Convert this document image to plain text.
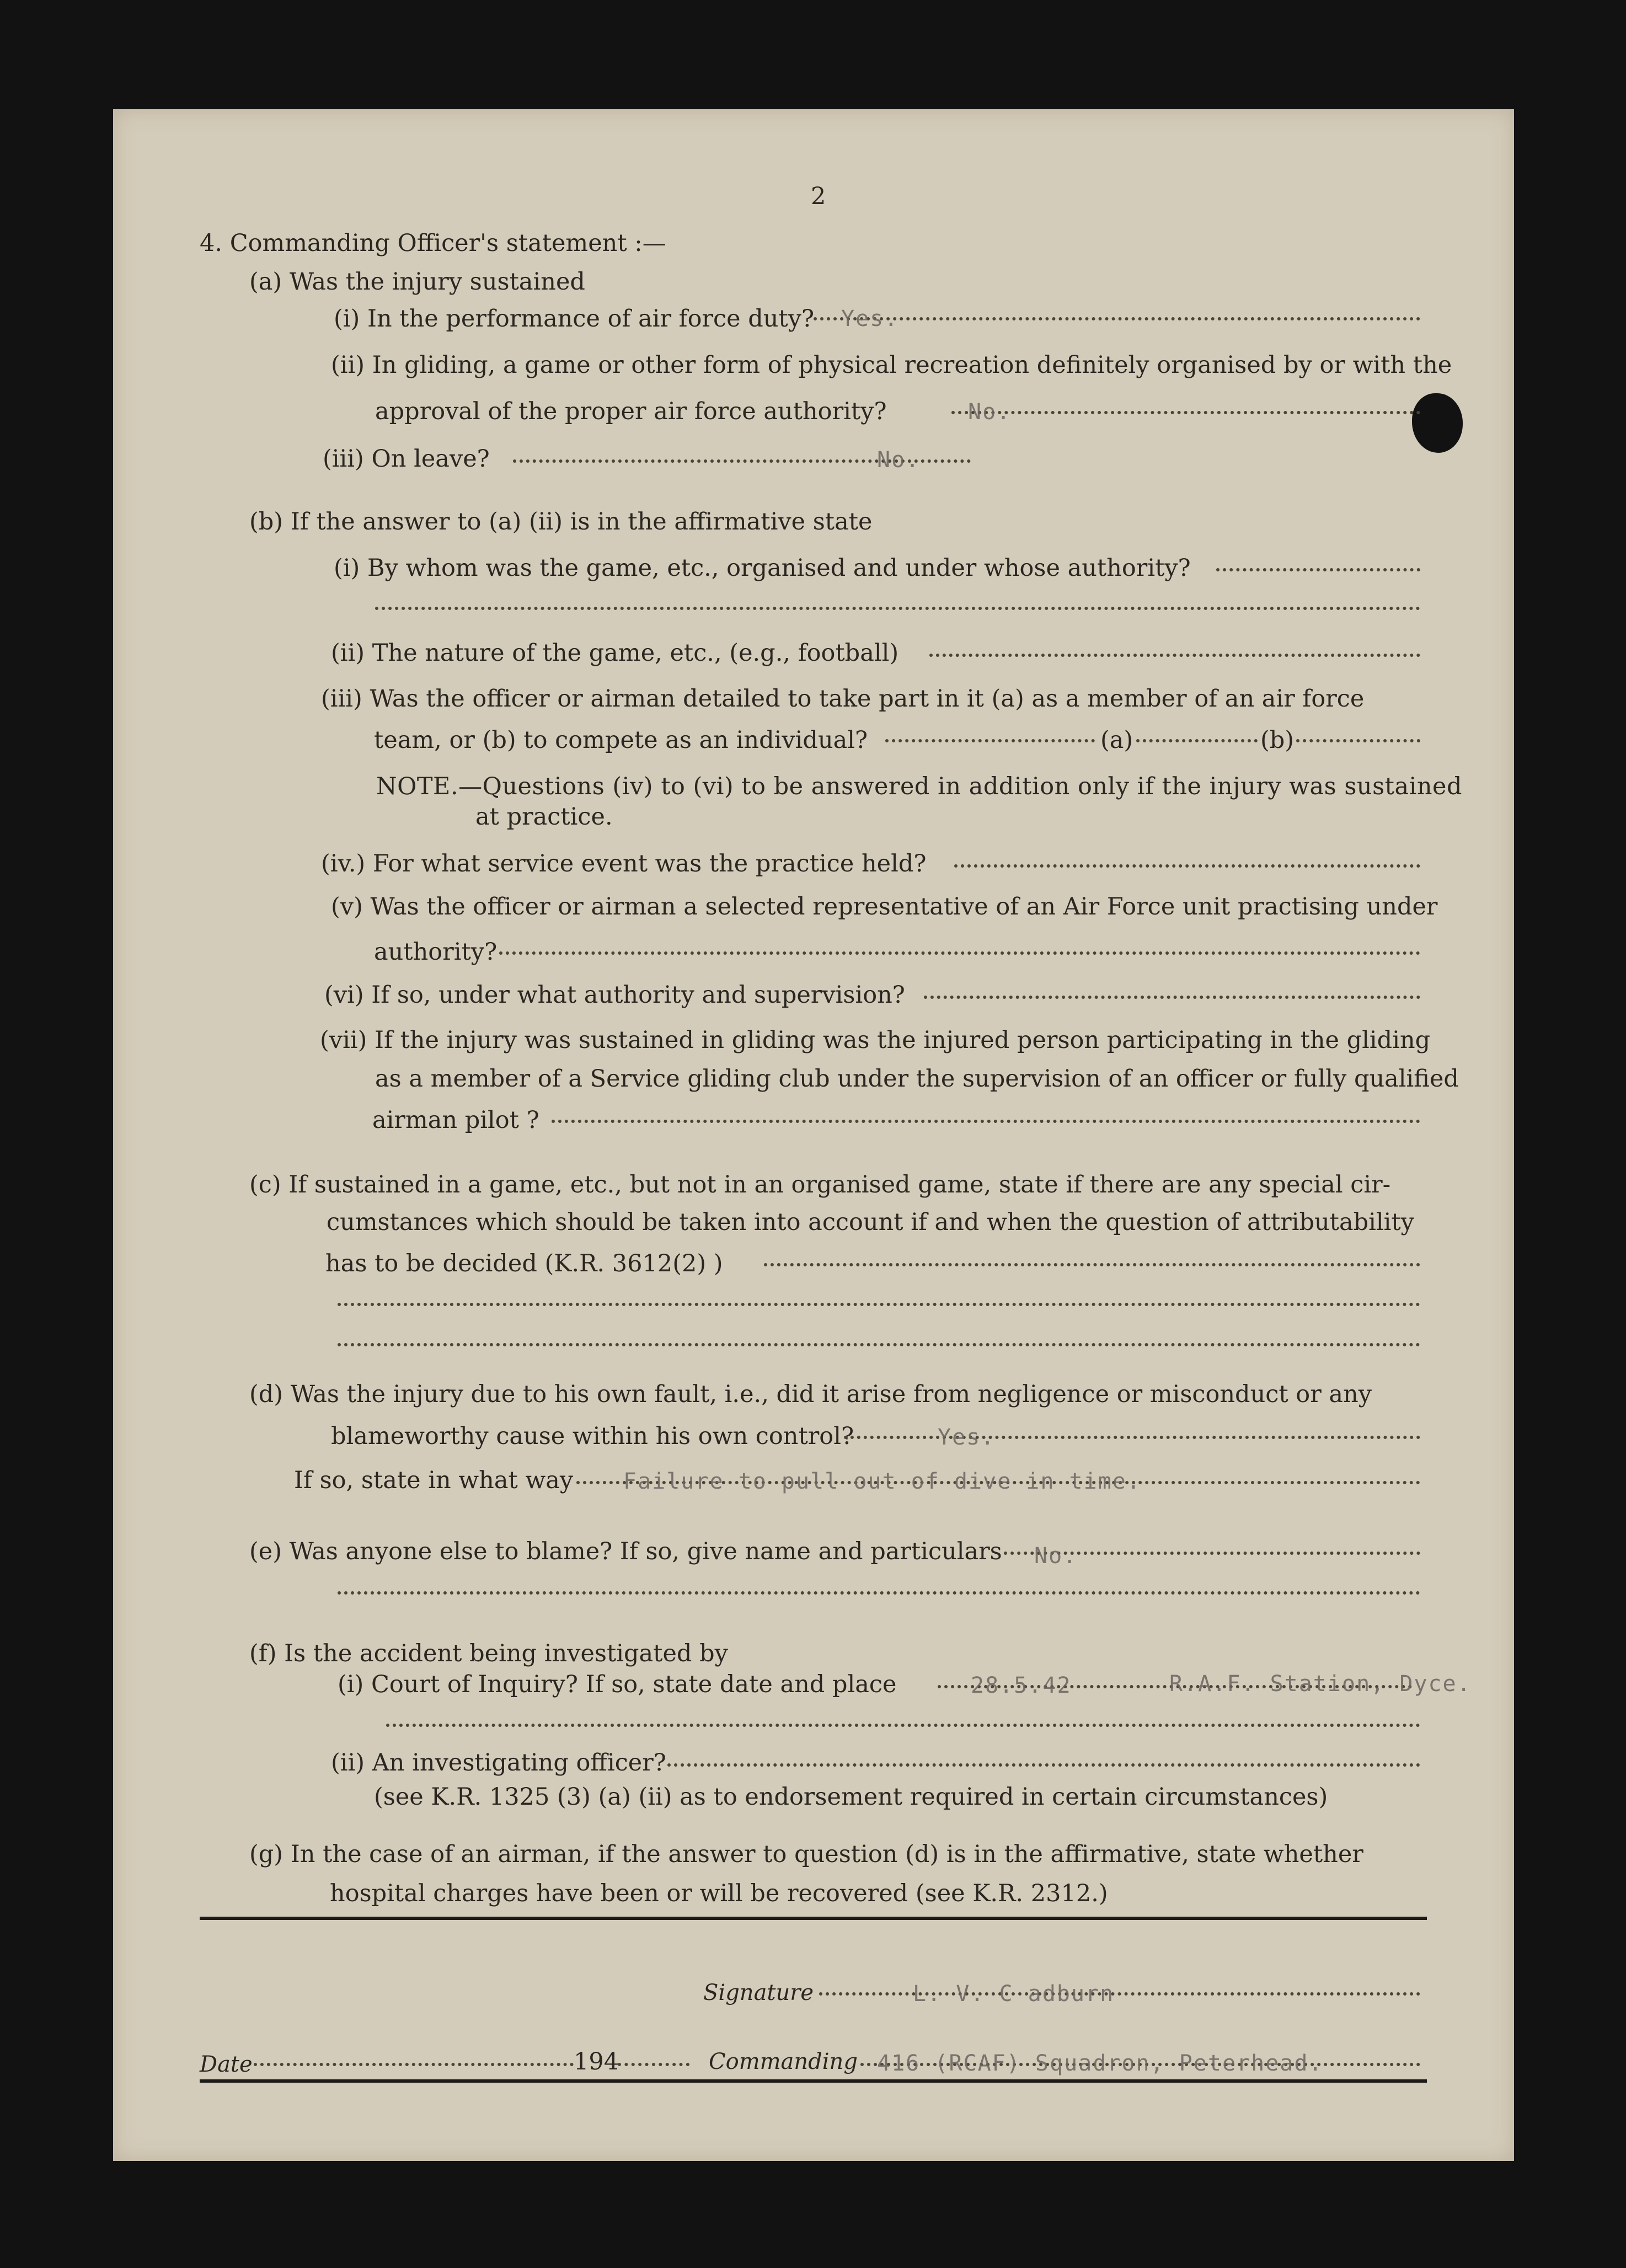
2
4. Commanding Officer's statement :—
(a) Was the injury sustained
(i) In the performance of air force duty? Yes.
(ii) In gliding, a game or other form of physical recreation definitely organised by or with the
approval of the proper air force authority?	No.
(iii) On leave?	No.
(b) If the answer to (a) (ii) is in the affirmative state
(i) By whom was the game, etc., organised and under whose authority?
(ii) The nature of the game, etc., (e.g., football)
(iii) Was the officer or airman detailed to take part in it (a) as a member of an air force
team, or (b) to compete as an individual?	(a)	(b)
NOTE.—Questions (iv) to (vi) to be answered in addition only if the injury was sustained
at practice.
(iv.) For what service event was the practice held?
(v) Was the officer or airman a selected representative of an Air Force unit practising under
authority?
(vi) If so, under what authority and supervision?
(vii) If the injury was sustained in gliding was the injured person participating in the gliding
as a member of a Service gliding club under the supervision of an officer or fully qualified
airman pilot ?
(c) If sustained in a game, etc., but not in an organised game, state if there are any special cir-
cumstances which should be taken into account if and when the question of attributability
has to be decided (K.R. 3612(2) )
(d) Was the injury due to his own fault, i.e., did it arise from negligence or misconduct or any
blameworthy cause within his own control?	Yes.
If so, state in what way Failure to pull out of dive in time.
(e) Was anyone else to blame? If so, give name and particulars No.
(f) Is the accident being investigated by
(i) Court of Inquiry? If so, state date and place	28.5.42	R.A.F. Station, Dyce.
(ii) An investigating officer?
(see K.R. 1325 (3) (a) (ii) as to endorsement required in certain circumstances)
(g) In the case of an airman, if the answer to question (d) is in the affirmative, state whether
hospital charges have been or will be recovered (see K.R. 2312.)
Signature	L. V. C adburn
Date	194	Commanding 416 (RCAF) Squadron, Peterhead.
